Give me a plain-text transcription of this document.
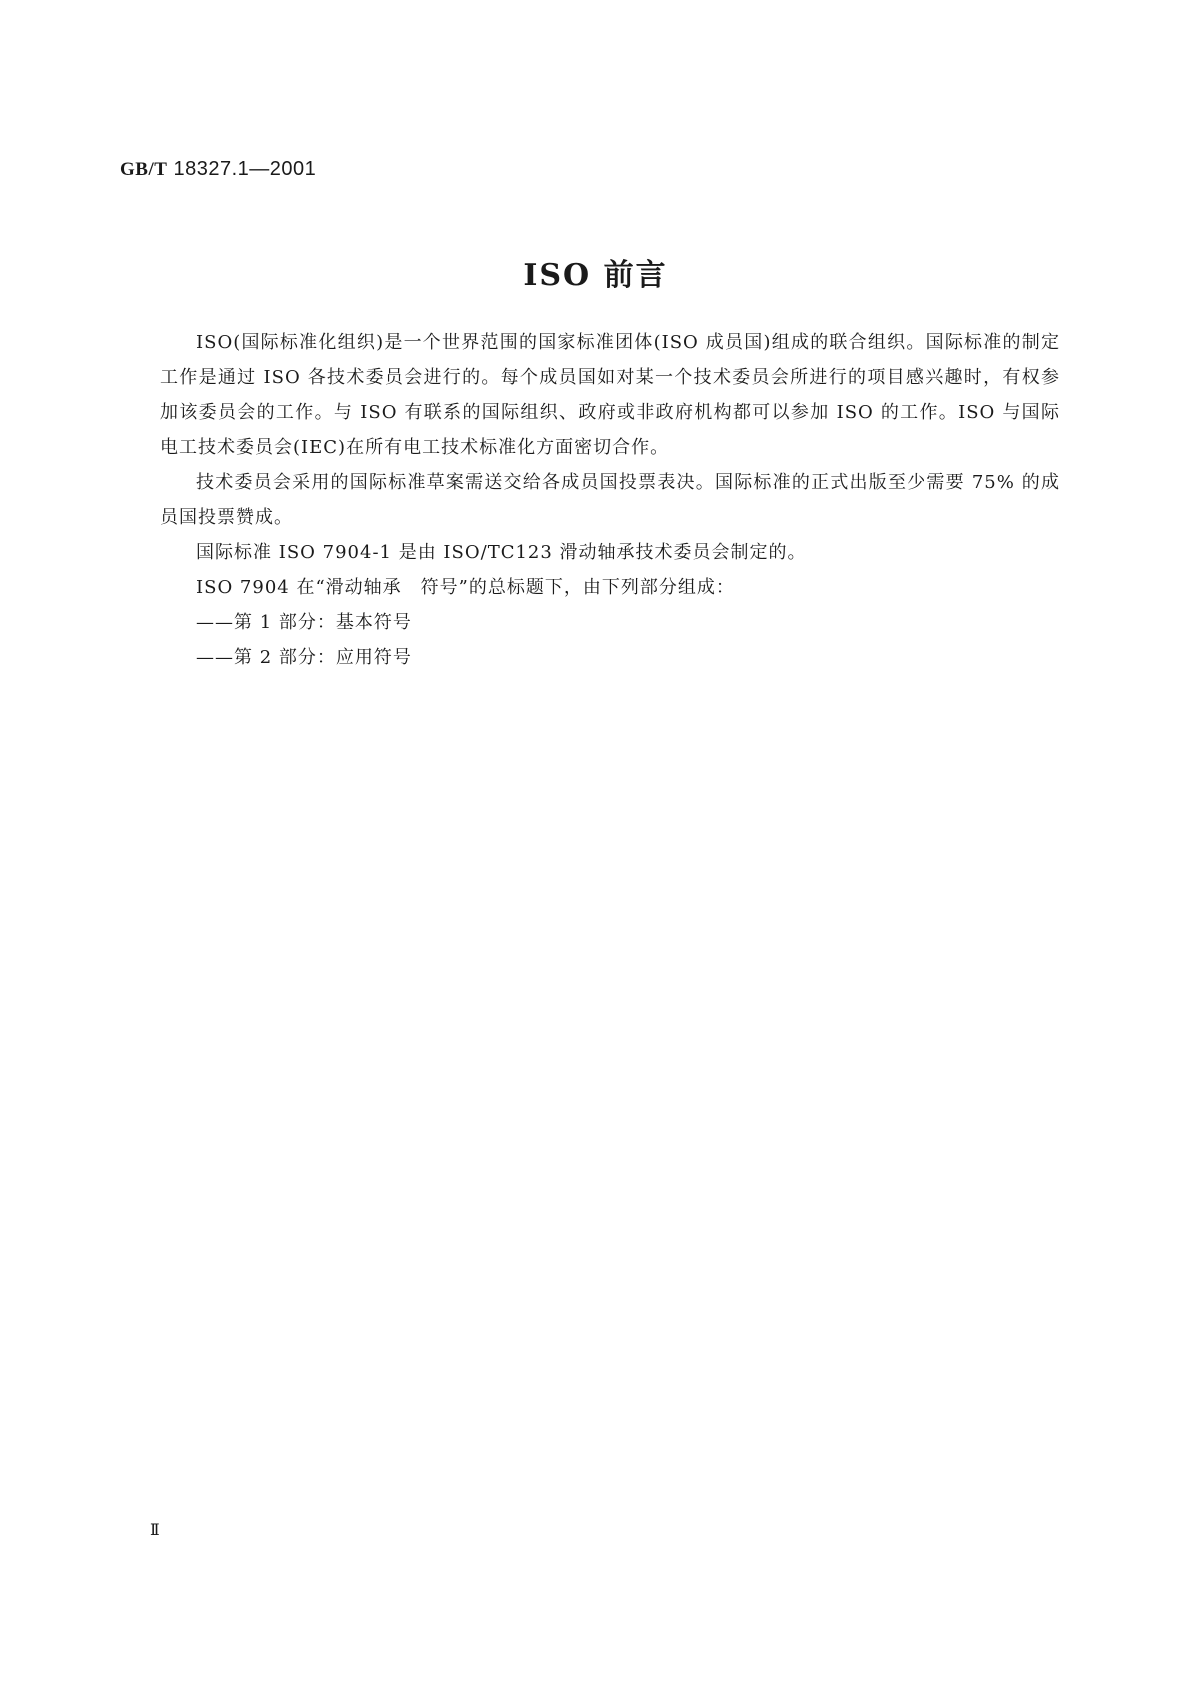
GB/T 18327.1—2001
ISO 前言

ISO(国际标准化组织)是一个世界范围的国家标准团体(ISO 成员国)组成的联合组织。国际标准的制定工作是通过 ISO 各技术委员会进行的。每个成员国如对某一个技术委员会所进行的项目感兴趣时，有权参加该委员会的工作。与 ISO 有联系的国际组织、政府或非政府机构都可以参加 ISO 的工作。ISO 与国际电工技术委员会(IEC)在所有电工技术标准化方面密切合作。

技术委员会采用的国际标准草案需送交给各成员国投票表决。国际标准的正式出版至少需要 75% 的成员国投票赞成。

国际标准 ISO 7904-1 是由 ISO/TC123 滑动轴承技术委员会制定的。

ISO 7904 在“滑动轴承　符号”的总标题下，由下列部分组成：

——第 1 部分：基本符号

——第 2 部分：应用符号

II
